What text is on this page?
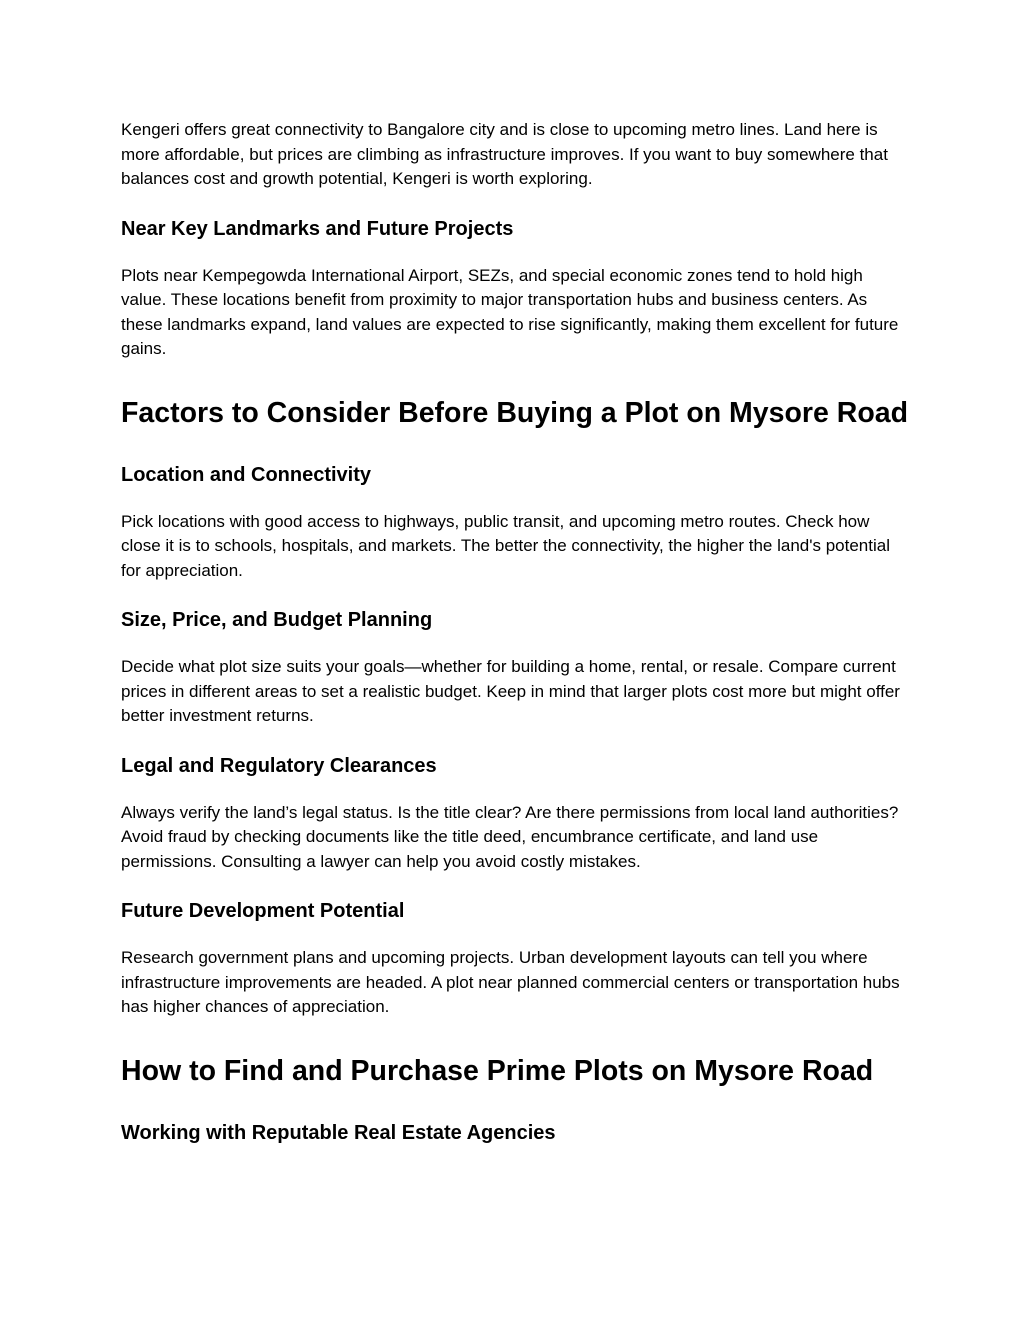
Kengeri offers great connectivity to Bangalore city and is close to upcoming metro lines. Land here is more affordable, but prices are climbing as infrastructure improves. If you want to buy somewhere that balances cost and growth potential, Kengeri is worth exploring.

Near Key Landmarks and Future Projects

Plots near Kempegowda International Airport, SEZs, and special economic zones tend to hold high value. These locations benefit from proximity to major transportation hubs and business centers. As these landmarks expand, land values are expected to rise significantly, making them excellent for future gains.

Factors to Consider Before Buying a Plot on Mysore Road
Location and Connectivity

Pick locations with good access to highways, public transit, and upcoming metro routes. Check how close it is to schools, hospitals, and markets. The better the connectivity, the higher the land's potential for appreciation.

Size, Price, and Budget Planning

Decide what plot size suits your goals—whether for building a home, rental, or resale. Compare current prices in different areas to set a realistic budget. Keep in mind that larger plots cost more but might offer better investment returns.

Legal and Regulatory Clearances

Always verify the land’s legal status. Is the title clear? Are there permissions from local land authorities? Avoid fraud by checking documents like the title deed, encumbrance certificate, and land use permissions. Consulting a lawyer can help you avoid costly mistakes.

Future Development Potential

Research government plans and upcoming projects. Urban development layouts can tell you where infrastructure improvements are headed. A plot near planned commercial centers or transportation hubs has higher chances of appreciation.

How to Find and Purchase Prime Plots on Mysore Road
Working with Reputable Real Estate Agencies
